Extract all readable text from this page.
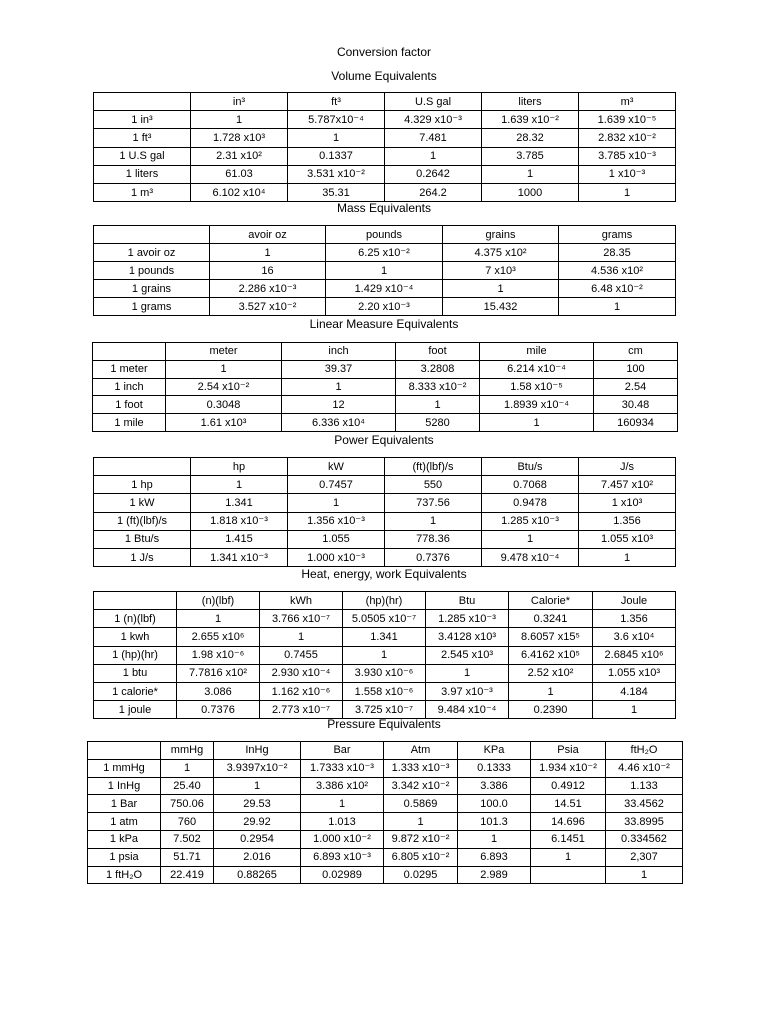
Conversion factor
Volume Equivalents
	in³	ft³	U.S gal	liters	m³
1 in³	1	5.787x10⁻⁴	4.329 x10⁻³	1.639 x10⁻²	1.639 x10⁻⁵
1 ft³	1.728 x10³	1	7.481	28.32	2.832 x10⁻²
1 U.S gal	2.31 x10²	0.1337	1	3.785	3.785 x10⁻³
1 liters	61.03	3.531 x10⁻²	0.2642	1	1 x10⁻³
1 m³	6.102 x10⁴	35.31	264.2	1000	1
Mass Equivalents
	avoir oz	pounds	grains	grams
1 avoir oz	1	6.25 x10⁻²	4.375 x10²	28.35
1 pounds	16	1	7 x10³	4.536 x10²
1 grains	2.286 x10⁻³	1.429 x10⁻⁴	1	6.48 x10⁻²
1 grams	3.527 x10⁻²	2.20 x10⁻³	15.432	1
Linear Measure Equivalents
	meter	inch	foot	mile	cm
1 meter	1	39.37	3.2808	6.214 x10⁻⁴	100
1 inch	2.54 x10⁻²	1	8.333 x10⁻²	1.58 x10⁻⁵	2.54
1 foot	0.3048	12	1	1.8939 x10⁻⁴	30.48
1 mile	1.61 x10³	6.336 x10⁴	5280	1	160934
Power Equivalents
	hp	kW	(ft)(lbf)/s	Btu/s	J/s
1 hp	1	0.7457	550	0.7068	7.457 x10²
1 kW	1.341	1	737.56	0.9478	1 x10³
1 (ft)(lbf)/s	1.818 x10⁻³	1.356 x10⁻³	1	1.285 x10⁻³	1.356
1 Btu/s	1.415	1.055	778.36	1	1.055 x10³
1 J/s	1.341 x10⁻³	1.000 x10⁻³	0.7376	9.478 x10⁻⁴	1
Heat, energy, work Equivalents
	(n)(lbf)	kWh	(hp)(hr)	Btu	Calorie*	Joule
1 (n)(lbf)	1	3.766 x10⁻⁷	5.0505 x10⁻⁷	1.285 x10⁻³	0.3241	1.356
1 kwh	2.655 x10⁶	1	1.341	3.4128 x10³	8.6057 x15⁵	3.6 x10⁴
1 (hp)(hr)	1.98 x10⁻⁶	0.7455	1	2.545 x10³	6.4162 x10⁵	2.6845 x10⁶
1 btu	7.7816 x10²	2.930 x10⁻⁴	3.930 x10⁻⁶	1	2.52 x10²	1.055 x10³
1 calorie*	3.086	1.162 x10⁻⁶	1.558 x10⁻⁶	3.97 x10⁻³	1	4.184
1 joule	0.7376	2.773 x10⁻⁷	3.725 x10⁻⁷	9.484 x10⁻⁴	0.2390	1
Pressure Equivalents
	mmHg	InHg	Bar	Atm	KPa	Psia	ftH₂O
1 mmHg	1	3.9397x10⁻²	1.7333 x10⁻³	1.333 x10⁻³	0.1333	1.934 x10⁻²	4.46 x10⁻²
1 InHg	25.40	1	3.386 x10²	3.342 x10⁻²	3.386	0.4912	1.133
1 Bar	750.06	29.53	1	0.5869	100.0	14.51	33.4562
1 atm	760	29.92	1.013	1	101.3	14.696	33.8995
1 kPa	7.502	0.2954	1.000 x10⁻²	9.872 x10⁻²	1	6.1451	0.334562
1 psia	51.71	2.016	6.893 x10⁻³	6.805 x10⁻²	6.893	1	2,307
1 ftH₂O	22.419	0.88265	0.02989	0.0295	2.989		1
